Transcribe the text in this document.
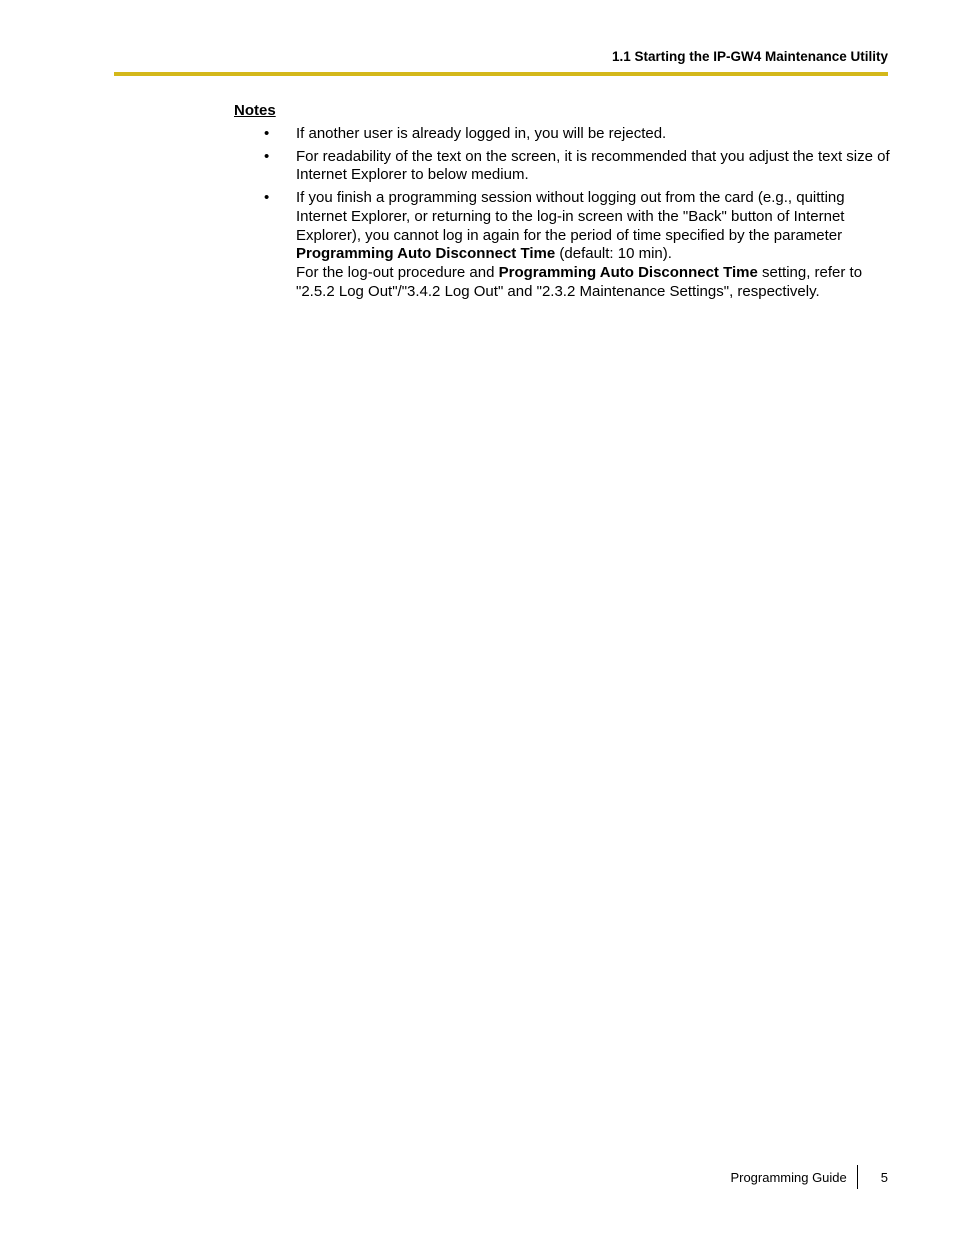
1.1 Starting the IP-GW4 Maintenance Utility
Notes
• If another user is already logged in, you will be rejected.
• For readability of the text on the screen, it is recommended that you adjust the text size of Internet Explorer to below medium.
• If you finish a programming session without logging out from the card (e.g., quitting Internet Explorer, or returning to the log-in screen with the "Back" button of Internet Explorer), you cannot log in again for the period of time specified by the parameter Programming Auto Disconnect Time (default: 10 min).

For the log-out procedure and Programming Auto Disconnect Time setting, refer to "2.5.2 Log Out"/"3.4.2 Log Out" and "2.3.2 Maintenance Settings", respectively.

Programming Guide	5
